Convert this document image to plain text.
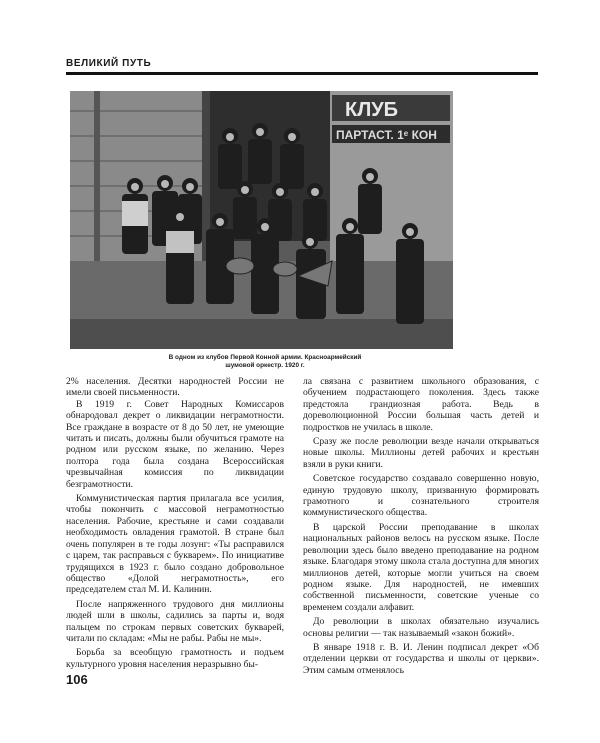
ВЕЛИКИЙ ПУТЬ
КЛУБ
ПАРТАСТ. 1ᵉ КОН
В одном из клубов Первой Конной армии. Красноармейский
шумовой оркестр. 1920 г.

2% населения. Десятки народностей России не имели своей письменности.

В 1919 г. Совет Народных Комиссаров обнародовал декрет о ликвидации неграмотности. Все граждане в возрасте от 8 до 50 лет, не умеющие читать и писать, должны были обучиться грамоте на родном или русском языке, по желанию. Через полтора года была создана Всероссийская чрезвычайная комиссия по ликвидации безграмотности.

Коммунистическая партия прилагала все усилия, чтобы покончить с массовой неграмотностью населения. Рабочие, крестьяне и сами создавали необходимость овладения грамотой. В стране был очень популярен в те годы лозунг: «Ты расправился с царем, так расправься с букварем». По инициативе трудящихся в 1923 г. было создано добровольное общество «Долой неграмотность», его председателем стал М. И. Калинин.

После напряженного трудового дня миллионы людей шли в школы, садились за парты и, водя пальцем по строкам первых советских букварей, читали по складам: «Мы не рабы. Рабы не мы».

Борьба за всеобщую грамотность и подъем культурного уровня населения неразрывно бы-

ла связана с развитием школьного образования, с обучением подрастающего поколения. Здесь также предстояла грандиозная работа. Ведь в дореволюционной России большая часть детей и подростков не училась в школе.

Сразу же после революции везде начали открываться новые школы. Миллионы детей рабочих и крестьян взяли в руки книги.

Советское государство создавало совершенно новую, единую трудовую школу, призванную формировать грамотного и сознательного строителя коммунистического общества.

В царской России преподавание в школах национальных районов велось на русском языке. После революции здесь было введено преподавание на родном языке. Благодаря этому школа стала доступна для многих миллионов детей, которые могли учиться на своем родном языке. Для народностей, не имевших собственной письменности, советские ученые со временем создали алфавит.

До революции в школах обязательно изучались основы религии — так называемый «закон божий».

В январе 1918 г. В. И. Ленин подписал декрет «Об отделении церкви от государства и школы от церкви». Этим самым отменялось

106
